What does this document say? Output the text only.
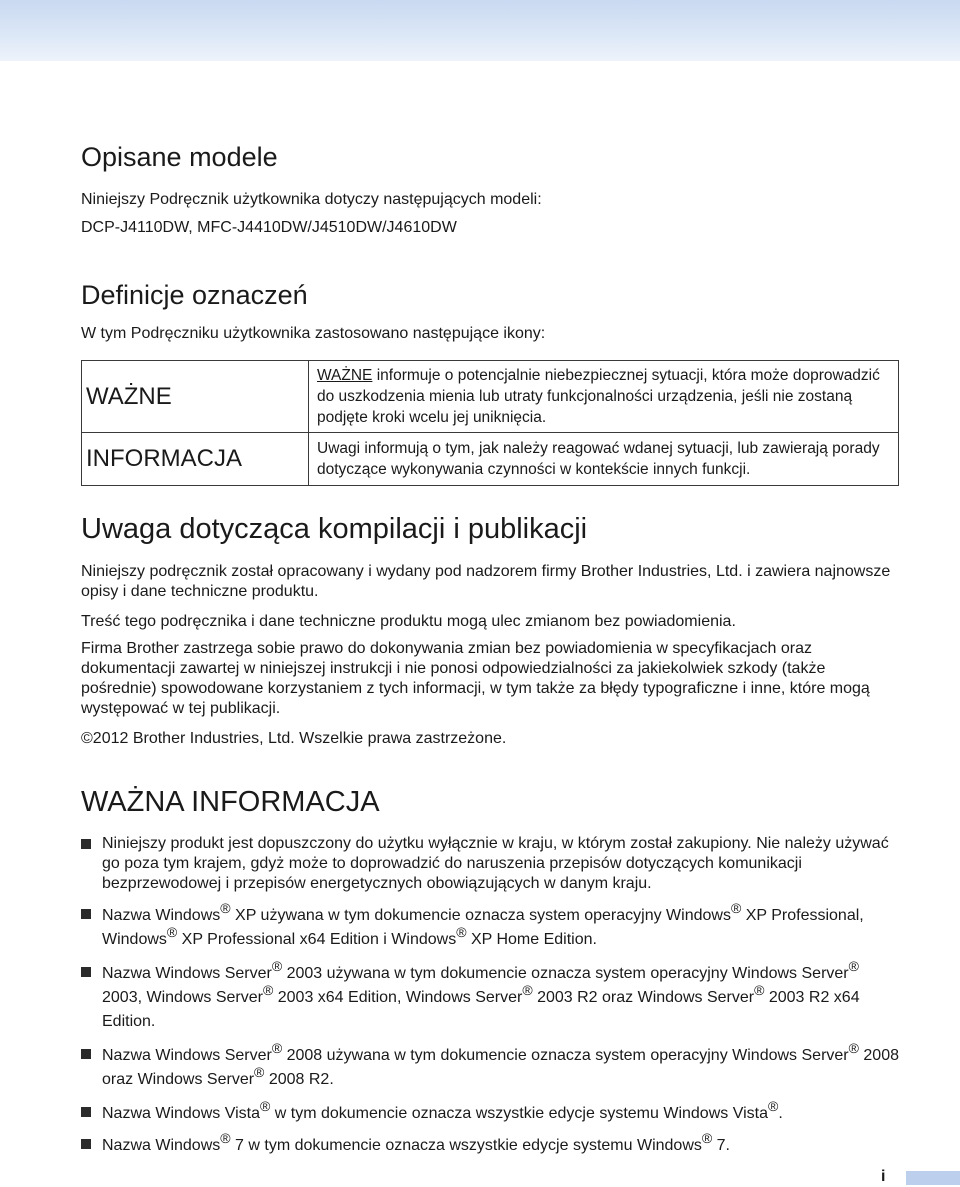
Opisane modele

Niniejszy Podręcznik użytkownika dotyczy następujących modeli:

DCP-J4110DW, MFC-J4410DW/J4510DW/J4610DW

Definicje oznaczeń

W tym Podręczniku użytkownika zastosowano następujące ikony:

WAŻNE	WAŻNE informuje o potencjalnie niebezpiecznej sytuacji, która może doprowadzić do uszkodzenia mienia lub utraty funkcjonalności urządzenia, jeśli nie zostaną podjęte kroki wcelu jej uniknięcia.
INFORMACJA	Uwagi informują o tym, jak należy reagować wdanej sytuacji, lub zawierają porady dotyczące wykonywania czynności w kontekście innych funkcji.
Uwaga dotycząca kompilacji i publikacji

Niniejszy podręcznik został opracowany i wydany pod nadzorem firmy Brother Industries, Ltd. i zawiera najnowsze opisy i dane techniczne produktu.

Treść tego podręcznika i dane techniczne produktu mogą ulec zmianom bez powiadomienia.

Firma Brother zastrzega sobie prawo do dokonywania zmian bez powiadomienia w specyfikacjach oraz dokumentacji zawartej w niniejszej instrukcji i nie ponosi odpowiedzialności za jakiekolwiek szkody (także pośrednie) spowodowane korzystaniem z tych informacji, w tym także za błędy typograficzne i inne, które mogą występować w tej publikacji.

©2012 Brother Industries, Ltd. Wszelkie prawa zastrzeżone.

WAŻNA INFORMACJA
Niniejszy produkt jest dopuszczony do użytku wyłącznie w kraju, w którym został zakupiony. Nie należy używać go poza tym krajem, gdyż może to doprowadzić do naruszenia przepisów dotyczących komunikacji bezprzewodowej i przepisów energetycznych obowiązujących w danym kraju.
Nazwa Windows® XP używana w tym dokumencie oznacza system operacyjny Windows® XP Professional, Windows® XP Professional x64 Edition i Windows® XP Home Edition.
Nazwa Windows Server® 2003 używana w tym dokumencie oznacza system operacyjny Windows Server® 2003, Windows Server® 2003 x64 Edition, Windows Server® 2003 R2 oraz Windows Server® 2003 R2 x64 Edition.
Nazwa Windows Server® 2008 używana w tym dokumencie oznacza system operacyjny Windows Server® 2008 oraz Windows Server® 2008 R2.
Nazwa Windows Vista® w tym dokumencie oznacza wszystkie edycje systemu Windows Vista®.
Nazwa Windows® 7 w tym dokumencie oznacza wszystkie edycje systemu Windows® 7.
i
